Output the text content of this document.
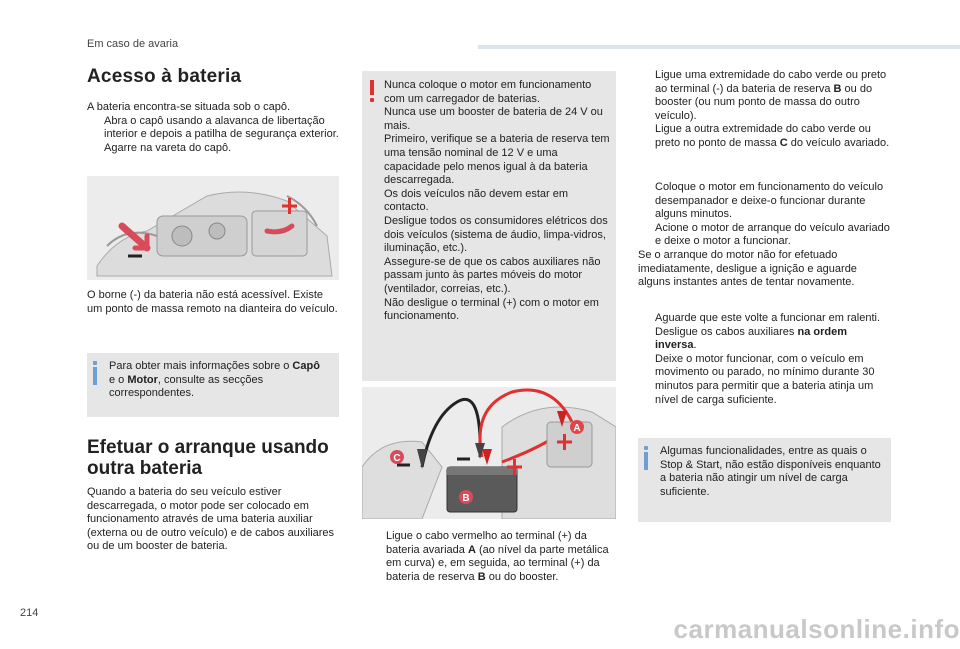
Em caso de avaria
Acesso à bateria
A bateria encontra-se situada sob o capô.
Abra o capô usando a alavanca de libertação interior e depois a patilha de segurança exterior.
Agarre na vareta do capô.
O borne (-) da bateria não está acessível. Existe um ponto de massa remoto na dianteira do veículo.
Para obter mais informações sobre o Capô e o Motor, consulte as secções correspondentes.
Efetuar o arranque usando outra bateria
Quando a bateria do seu veículo estiver descarregada, o motor pode ser colocado em funcionamento através de uma bateria auxiliar (externa ou de outro veículo) e de cabos auxiliares ou de um booster de bateria.
Nunca coloque o motor em funcionamento com um carregador de baterias.
Nunca use um booster de bateria de 24 V ou mais.
Primeiro, verifique se a bateria de reserva tem uma tensão nominal de 12 V e uma capacidade pelo menos igual à da bateria descarregada.
Os dois veículos não devem estar em contacto.
Desligue todos os consumidores elétricos dos dois veículos (sistema de áudio, limpa-vidros, iluminação, etc.).
Assegure-se de que os cabos auxiliares não passam junto às partes móveis do motor (ventilador, correias, etc.).
Não desligue o terminal (+) com o motor em funcionamento.
A
B
C
Ligue o cabo vermelho ao terminal (+) da bateria avariada A (ao nível da parte metálica em curva) e, em seguida, ao terminal (+) da bateria de reserva B ou do booster.
Ligue uma extremidade do cabo verde ou preto ao terminal (-) da bateria de reserva B ou do booster (ou num ponto de massa do outro veículo).
Ligue a outra extremidade do cabo verde ou preto no ponto de massa C do veículo avariado.
Coloque o motor em funcionamento do veículo desempanador e deixe-o funcionar durante alguns minutos.
Acione o motor de arranque do veículo avariado e deixe o motor a funcionar.
Se o arranque do motor não for efetuado imediatamente, desligue a ignição e aguarde alguns instantes antes de tentar novamente.
Aguarde que este volte a funcionar em ralenti.
Desligue os cabos auxiliares na ordem inversa.
Deixe o motor funcionar, com o veículo em movimento ou parado, no mínimo durante 30 minutos para permitir que a bateria atinja um nível de carga suficiente.
Algumas funcionalidades, entre as quais o Stop & Start, não estão disponíveis enquanto a bateria não atingir um nível de carga suficiente.
214
carmanualsonline.info
